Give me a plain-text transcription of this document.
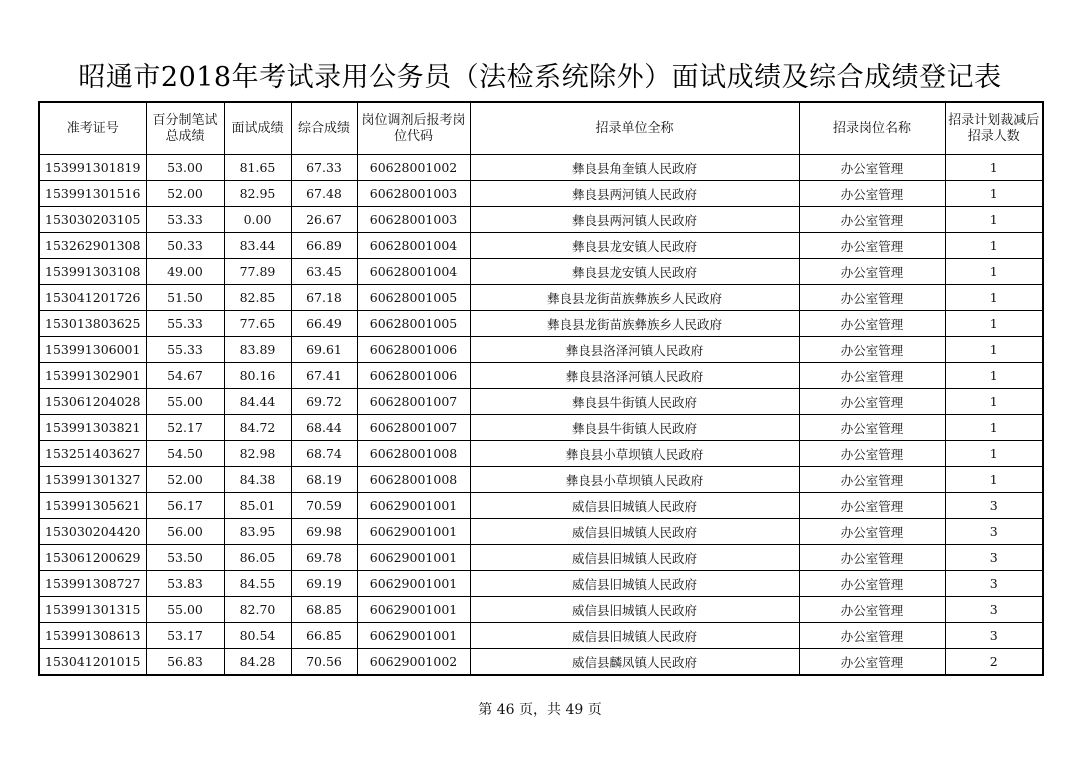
昭通市2018年考试录用公务员（法检系统除外）面试成绩及综合成绩登记表
准考证号	百分制笔试总成绩	面试成绩	综合成绩	岗位调剂后报考岗位代码	招录单位全称	招录岗位名称	招录计划裁减后招录人数
153991301819	53.00	81.65	67.33	60628001002	彝良县角奎镇人民政府	办公室管理	1
153991301516	52.00	82.95	67.48	60628001003	彝良县两河镇人民政府	办公室管理	1
153030203105	53.33	0.00	26.67	60628001003	彝良县两河镇人民政府	办公室管理	1
153262901308	50.33	83.44	66.89	60628001004	彝良县龙安镇人民政府	办公室管理	1
153991303108	49.00	77.89	63.45	60628001004	彝良县龙安镇人民政府	办公室管理	1
153041201726	51.50	82.85	67.18	60628001005	彝良县龙街苗族彝族乡人民政府	办公室管理	1
153013803625	55.33	77.65	66.49	60628001005	彝良县龙街苗族彝族乡人民政府	办公室管理	1
153991306001	55.33	83.89	69.61	60628001006	彝良县洛泽河镇人民政府	办公室管理	1
153991302901	54.67	80.16	67.41	60628001006	彝良县洛泽河镇人民政府	办公室管理	1
153061204028	55.00	84.44	69.72	60628001007	彝良县牛街镇人民政府	办公室管理	1
153991303821	52.17	84.72	68.44	60628001007	彝良县牛街镇人民政府	办公室管理	1
153251403627	54.50	82.98	68.74	60628001008	彝良县小草坝镇人民政府	办公室管理	1
153991301327	52.00	84.38	68.19	60628001008	彝良县小草坝镇人民政府	办公室管理	1
153991305621	56.17	85.01	70.59	60629001001	威信县旧城镇人民政府	办公室管理	3
153030204420	56.00	83.95	69.98	60629001001	威信县旧城镇人民政府	办公室管理	3
153061200629	53.50	86.05	69.78	60629001001	威信县旧城镇人民政府	办公室管理	3
153991308727	53.83	84.55	69.19	60629001001	威信县旧城镇人民政府	办公室管理	3
153991301315	55.00	82.70	68.85	60629001001	威信县旧城镇人民政府	办公室管理	3
153991308613	53.17	80.54	66.85	60629001001	威信县旧城镇人民政府	办公室管理	3
153041201015	56.83	84.28	70.56	60629001002	威信县麟凤镇人民政府	办公室管理	2
第 46 页，共 49 页
